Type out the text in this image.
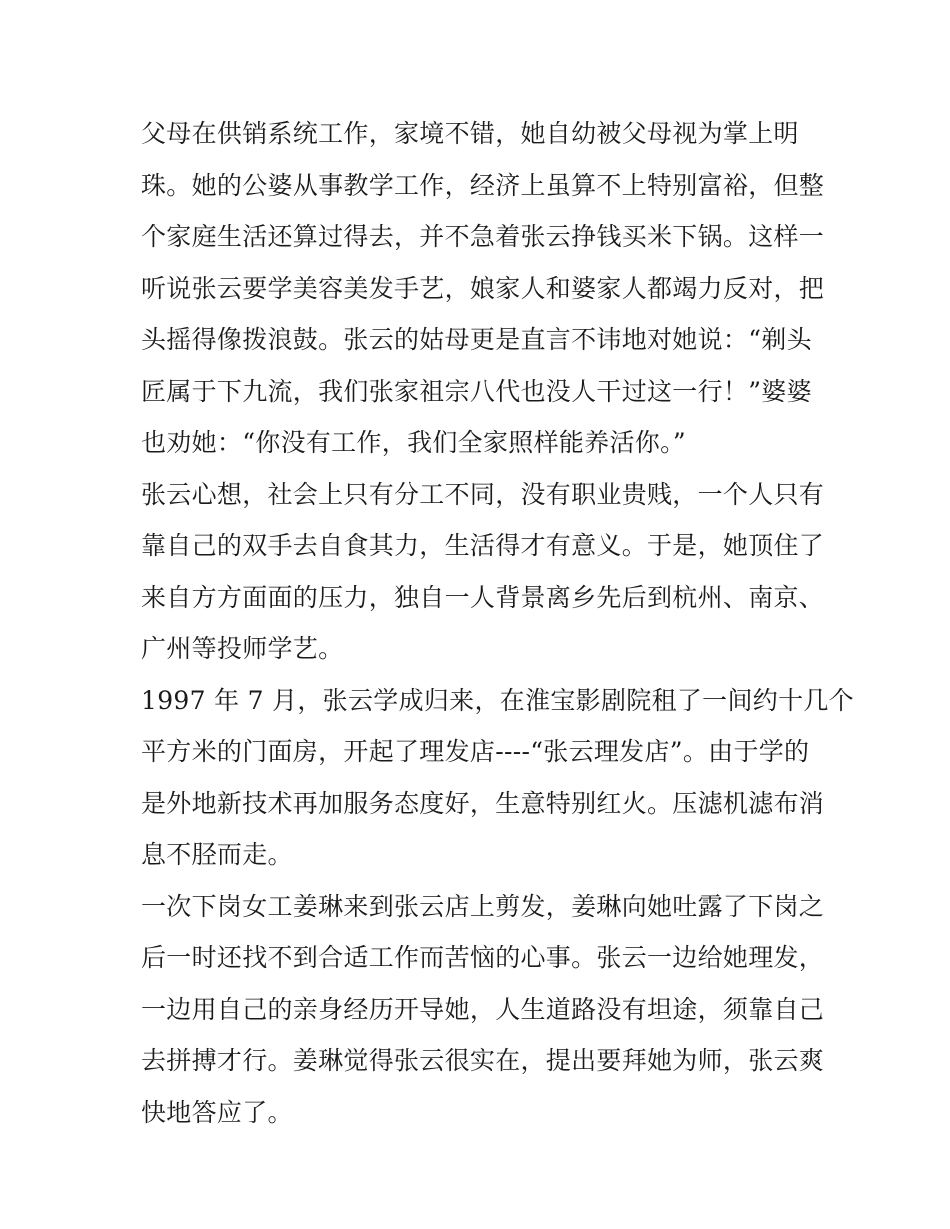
父母在供销系统工作，家境不错，她自幼被父母视为掌上明
珠。她的公婆从事教学工作，经济上虽算不上特别富裕，但整
个家庭生活还算过得去，并不急着张云挣钱买米下锅。这样一
听说张云要学美容美发手艺，娘家人和婆家人都竭力反对，把
头摇得像拨浪鼓。张云的姑母更是直言不讳地对她说：“剃头
匠属于下九流，我们张家祖宗八代也没人干过这一行！”婆婆
也劝她：“你没有工作，我们全家照样能养活你。”
张云心想，社会上只有分工不同，没有职业贵贱，一个人只有
靠自己的双手去自食其力，生活得才有意义。于是，她顶住了
来自方方面面的压力，独自一人背景离乡先后到杭州、南京、
广州等投师学艺。
1997 年 7 月，张云学成归来，在淮宝影剧院租了一间约十几个
平方米的门面房，开起了理发店----“张云理发店”。由于学的
是外地新技术再加服务态度好，生意特别红火。压滤机滤布消
息不胫而走。
一次下岗女工姜琳来到张云店上剪发，姜琳向她吐露了下岗之
后一时还找不到合适工作而苦恼的心事。张云一边给她理发，
一边用自己的亲身经历开导她，人生道路没有坦途，须靠自己
去拼搏才行。姜琳觉得张云很实在，提出要拜她为师，张云爽
快地答应了。
